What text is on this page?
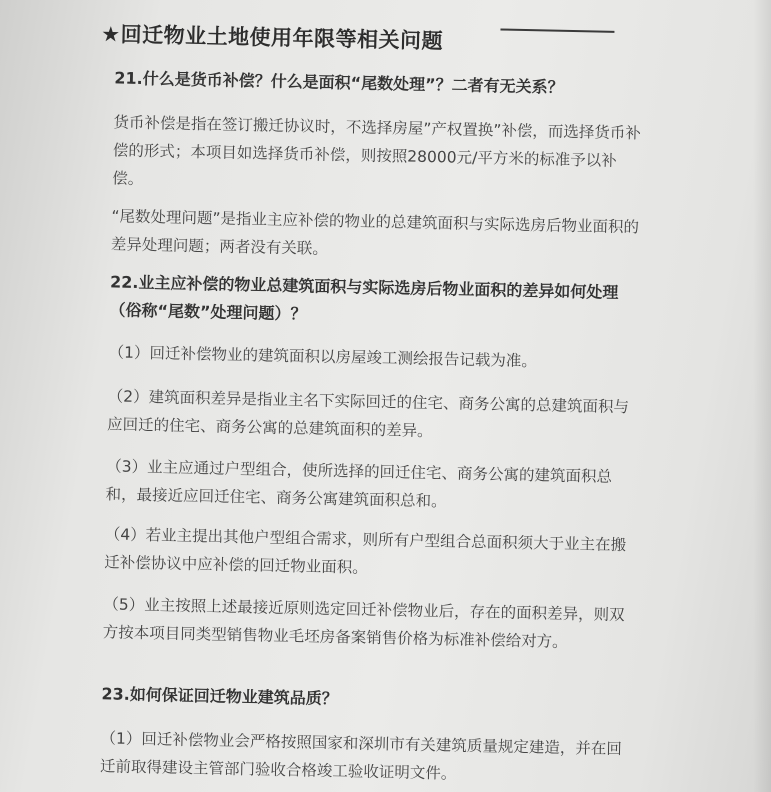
★回迁物业土地使用年限等相关问题
21.什么是货币补偿？什么是面积“尾数处理”？二者有无关系？
货币补偿是指在签订搬迁协议时，不选择房屋”产权置换”补偿，而选择货币补偿的形式；本项目如选择货币补偿，则按照28000元/平方米的标准予以补偿。
“尾数处理问题”是指业主应补偿的物业的总建筑面积与实际选房后物业面积的差异处理问题；两者没有关联。
22.业主应补偿的物业总建筑面积与实际选房后物业面积的差异如何处理（俗称“尾数”处理问题）？
（1）回迁补偿物业的建筑面积以房屋竣工测绘报告记载为准。
（2）建筑面积差异是指业主名下实际回迁的住宅、商务公寓的总建筑面积与应回迁的住宅、商务公寓的总建筑面积的差异。
（3）业主应通过户型组合，使所选择的回迁住宅、商务公寓的建筑面积总和，最接近应回迁住宅、商务公寓建筑面积总和。
（4）若业主提出其他户型组合需求，则所有户型组合总面积须大于业主在搬迁补偿协议中应补偿的回迁物业面积。
（5）业主按照上述最接近原则选定回迁补偿物业后，存在的面积差异，则双方按本项目同类型销售物业毛坯房备案销售价格为标准补偿给对方。
23.如何保证回迁物业建筑品质？
（1）回迁补偿物业会严格按照国家和深圳市有关建筑质量规定建造，并在回迁前取得建设主管部门验收合格竣工验收证明文件。
